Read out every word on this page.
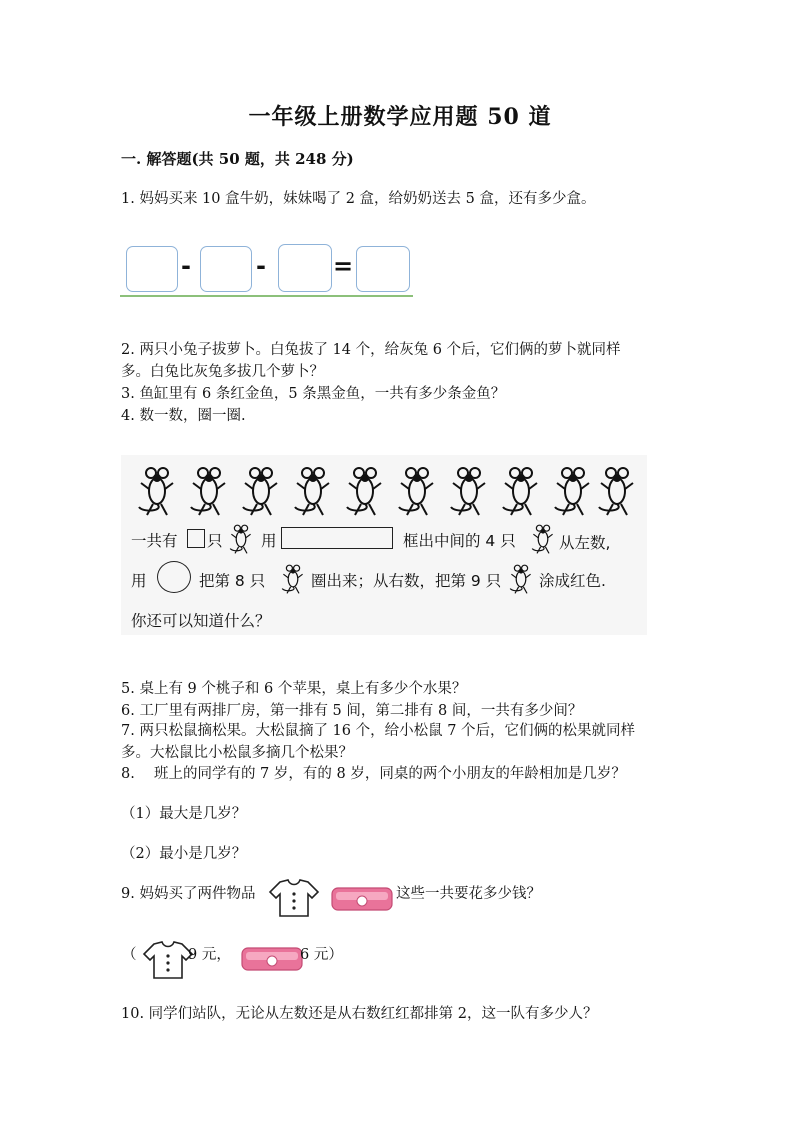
一年级上册数学应用题 50 道
一. 解答题(共 50 题，共 248 分)
1. 妈妈买来 10 盒牛奶，妹妹喝了 2 盒，给奶奶送去 5 盒，还有多少盒。
-	-	=
2. 两只小兔子拔萝卜。白兔拔了 14 个，给灰兔 6 个后，它们俩的萝卜就同样
多。白兔比灰兔多拔几个萝卜？
3. 鱼缸里有 6 条红金鱼，5 条黑金鱼，一共有多少条金鱼？
4. 数一数，圈一圈.
一共有 只 用	框出中间的 4 只	从左数,
用	把第 8 只	圈出来；从右数，把第 9 只 涂成红色.
你还可以知道什么？
5. 桌上有 9 个桃子和 6 个苹果，桌上有多少个水果？
6. 工厂里有两排厂房，第一排有 5 间，第二排有 8 间，一共有多少间？
7. 两只松鼠摘松果。大松鼠摘了 16 个，给小松鼠 7 个后，它们俩的松果就同样
多。大松鼠比小松鼠多摘几个松果？
8.　 班上的同学有的 7 岁，有的 8 岁，同桌的两个小朋友的年龄相加是几岁？
（1）最大是几岁？
（2）最小是几岁？
9. 妈妈买了两件物品	这些一共要花多少钱？
（	9 元，	6 元）
10. 同学们站队，无论从左数还是从右数红红都排第 2，这一队有多少人？
